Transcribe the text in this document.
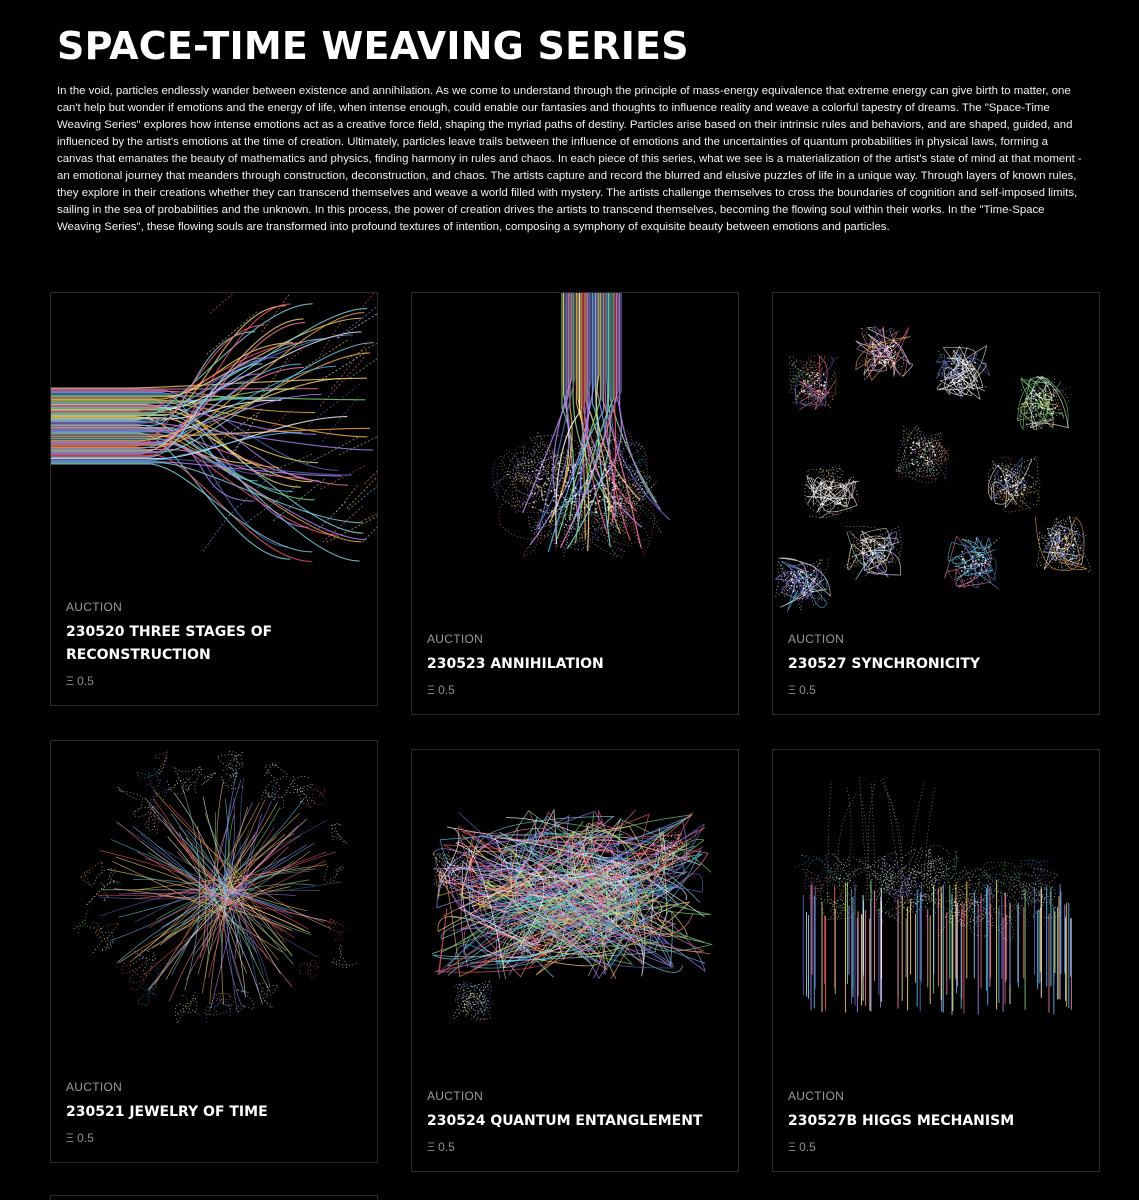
SPACE-TIME WEAVING SERIES

In the void, particles endlessly wander between existence and annihilation. As we come to understand through the principle of mass-energy equivalence that extreme energy can give birth to matter, one can't help but wonder if emotions and the energy of life, when intense enough, could enable our fantasies and thoughts to influence reality and weave a colorful tapestry of dreams. The "Space-Time Weaving Series" explores how intense emotions act as a creative force field, shaping the myriad paths of destiny. Particles arise based on their intrinsic rules and behaviors, and are shaped, guided, and influenced by the artist's emotions at the time of creation. Ultimately, particles leave trails between the influence of emotions and the uncertainties of quantum probabilities in physical laws, forming a canvas that emanates the beauty of mathematics and physics, finding harmony in rules and chaos. In each piece of this series, what we see is a materialization of the artist's state of mind at that moment - an emotional journey that meanders through construction, deconstruction, and chaos. The artists capture and record the blurred and elusive puzzles of life in a unique way. Through layers of known rules, they explore in their creations whether they can transcend themselves and weave a world filled with mystery. The artists challenge themselves to cross the boundaries of cognition and self-imposed limits, sailing in the sea of probabilities and the unknown. In this process, the power of creation drives the artists to transcend themselves, becoming the flowing soul within their works. In the "Time-Space Weaving Series", these flowing souls are transformed into profound textures of intention, composing a symphony of exquisite beauty between emotions and particles.

AUCTION
230520 THREE STAGES OF RECONSTRUCTION
Ξ 0.5
AUCTION
230523 ANNIHILATION
Ξ 0.5
AUCTION
230527 SYNCHRONICITY
Ξ 0.5
AUCTION
230521 JEWELRY OF TIME
Ξ 0.5
AUCTION
230524 QUANTUM ENTANGLEMENT
Ξ 0.5
AUCTION
230527B HIGGS MECHANISM
Ξ 0.5
